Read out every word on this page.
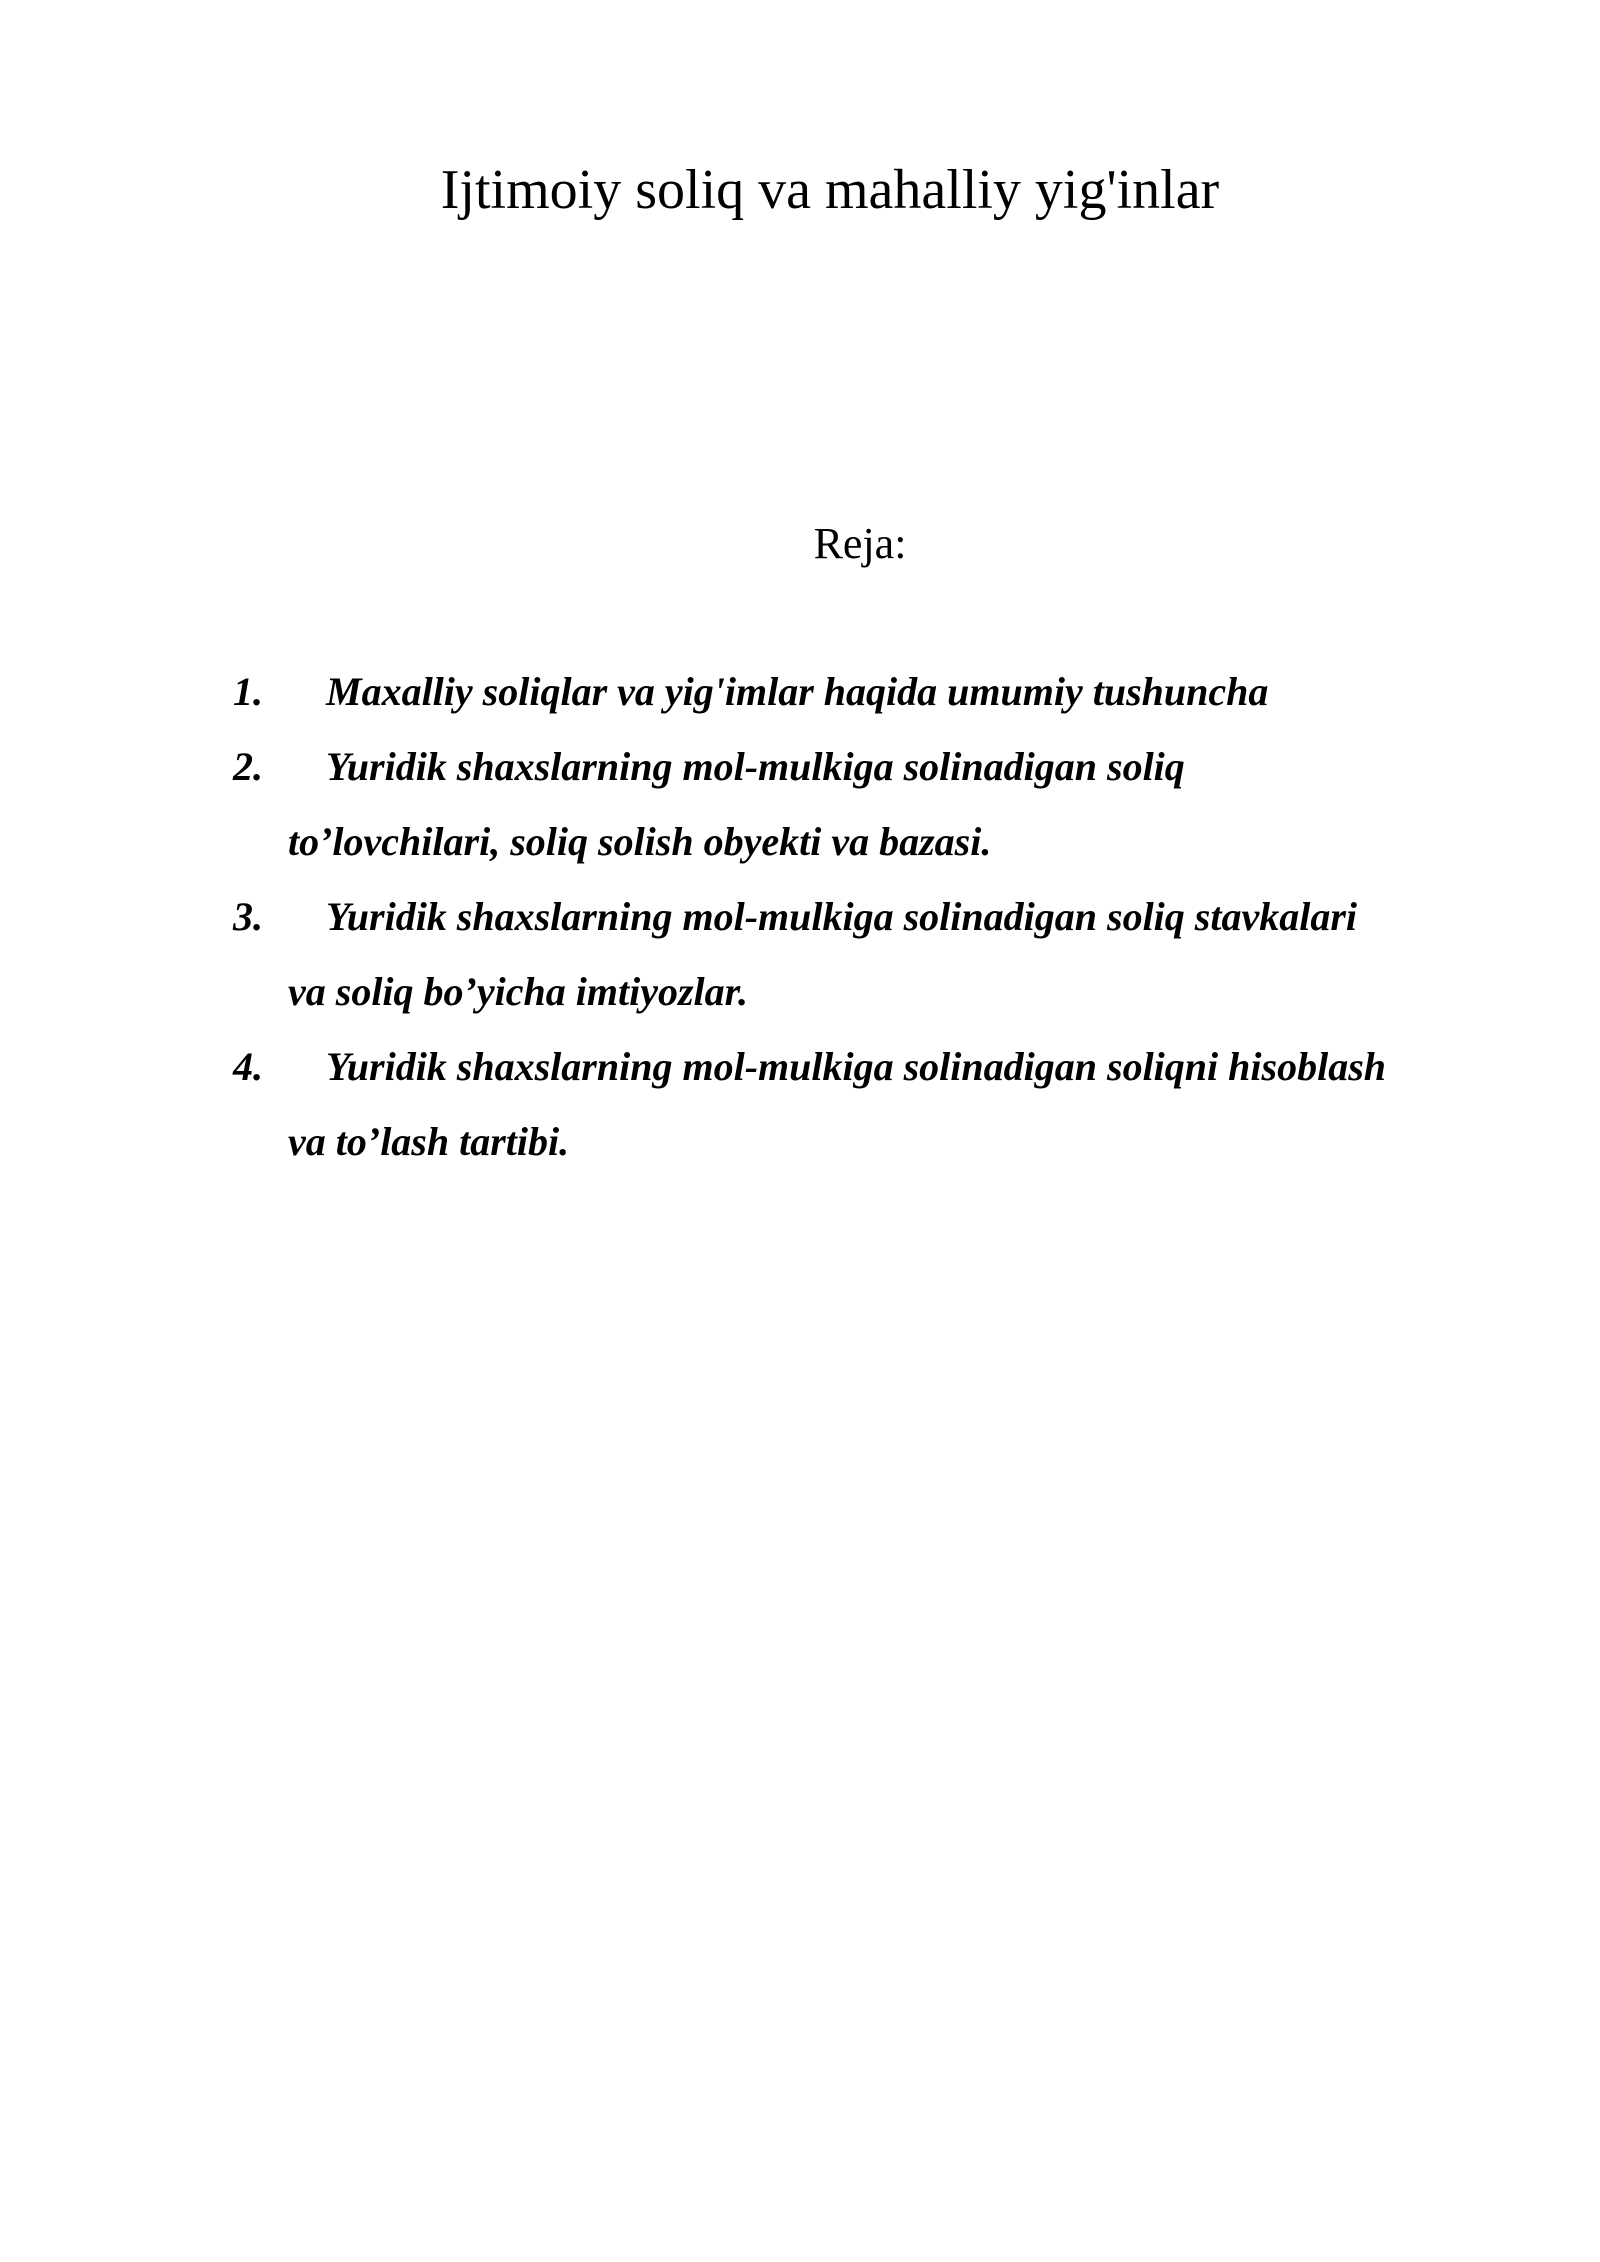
Ijtimoiy soliq va mahalliy yig'inlar
Reja:
1.	Maxalliy soliqlar va yig'imlar haqida umumiy tushuncha
2.	Yuridik shaxslarning mol-mulkiga solinadigan soliq
to’lovchilari, soliq solish obyekti va bazasi.
3.	Yuridik shaxslarning mol-mulkiga solinadigan soliq stavkalari
va soliq bo’yicha imtiyozlar.
4.	Yuridik shaxslarning mol-mulkiga solinadigan soliqni hisoblash
va to’lash tartibi.
